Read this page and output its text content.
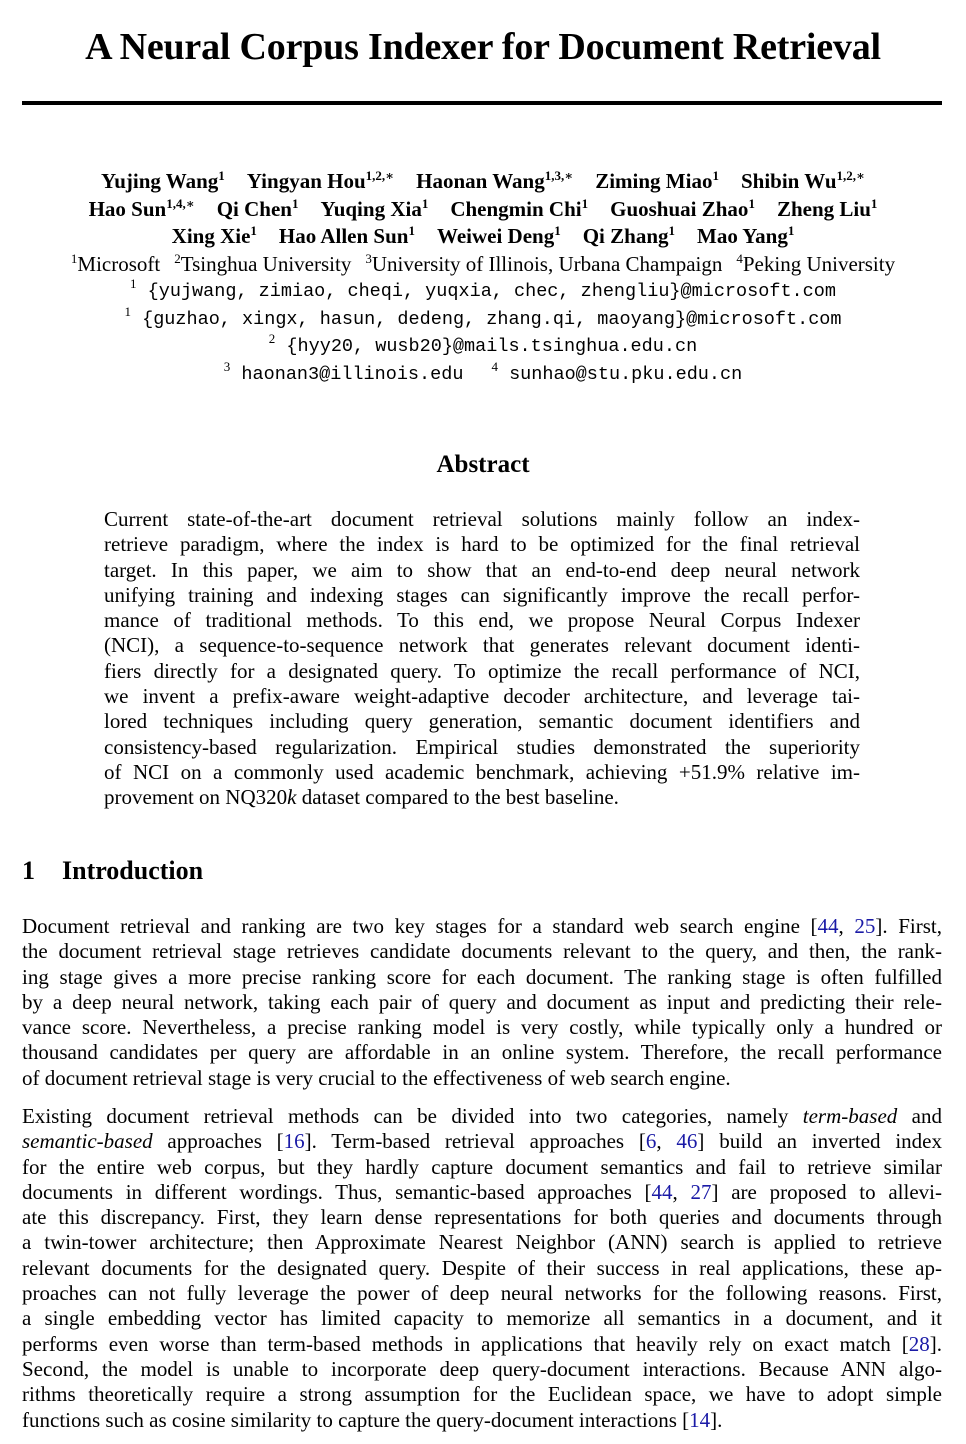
A Neural Corpus Indexer for Document Retrieval
Yujing Wang$^1$ Yingyan Hou$^{1,2,∗}$ Haonan Wang$^{1,3,∗}$ Ziming Miao$^1$ Shibin $Wu^{1,2,∗}$
Hao Sun$^{1,4,∗}$ Qi Chen$^1$ Yuqing Xia$^1$ Chengmin Chi$^1$ Guoshuai Zhao$^1$ Zheng Liu$^1$
Xing Xie$^1$ Hao Allen Sun$^1$ Weiwei Deng$^1$ Qi Zhang$^1$ Mao Yang$^1$
$^1$Microsoft $^2$Tsinghua University $^3$University of Illinois, Urbana Champaign $^4$Peking University
$^1$ {yujwang, zimiao, cheqi, yuqxia, chec, zhengliu}@microsoft.com
$^1$ {guzhao, xingx, hasun, dedeng, zhang.qi, maoyang}@microsoft.com
$^2$ {hyy20, wusb20}@mails.tsinghua.edu.cn
$^3$ haonan3@illinois.edu $^4$ sunhao@stu.pku.edu.cn
Abstract
Current state-of-the-art document retrieval solutions mainly follow an index-
retrieve paradigm, where the index is hard to be optimized for the final retrieval
target. In this paper, we aim to show that an end-to-end deep neural network
unifying training and indexing stages can significantly improve the recall perfor-
mance of traditional methods. To this end, we propose Neural Corpus Indexer
(NCI), a sequence-to-sequence network that generates relevant document identi-
fiers directly for a designated query. To optimize the recall performance of NCI,
we invent a prefix-aware weight-adaptive decoder architecture, and leverage tai-
lored techniques including query generation, semantic document identifiers and
consistency-based regularization. Empirical studies demonstrated the superiority
of NCI on a commonly used academic benchmark, achieving +51.9% relative im-
provement on NQ320k dataset compared to the best baseline.
1 Introduction
Document retrieval and ranking are two key stages for a standard web search engine [44, 25]. First,
the document retrieval stage retrieves candidate documents relevant to the query, and then, the rank-
ing stage gives a more precise ranking score for each document. The ranking stage is often fulfilled
by a deep neural network, taking each pair of query and document as input and predicting their rele-
vance score. Nevertheless, a precise ranking model is very costly, while typically only a hundred or
thousand candidates per query are affordable in an online system. Therefore, the recall performance
of document retrieval stage is very crucial to the effectiveness of web search engine.
Existing document retrieval methods can be divided into two categories, namely term-based and
semantic-based approaches [16]. Term-based retrieval approaches [6, 46] build an inverted index
for the entire web corpus, but they hardly capture document semantics and fail to retrieve similar
documents in different wordings. Thus, semantic-based approaches [44, 27] are proposed to allevi-
ate this discrepancy. First, they learn dense representations for both queries and documents through
a twin-tower architecture; then Approximate Nearest Neighbor (ANN) search is applied to retrieve
relevant documents for the designated query. Despite of their success in real applications, these ap-
proaches can not fully leverage the power of deep neural networks for the following reasons. First,
a single embedding vector has limited capacity to memorize all semantics in a document, and it
performs even worse than term-based methods in applications that heavily rely on exact match [28].
Second, the model is unable to incorporate deep query-document interactions. Because ANN algo-
rithms theoretically require a strong assumption for the Euclidean space, we have to adopt simple
functions such as cosine similarity to capture the query-document interactions [14].
